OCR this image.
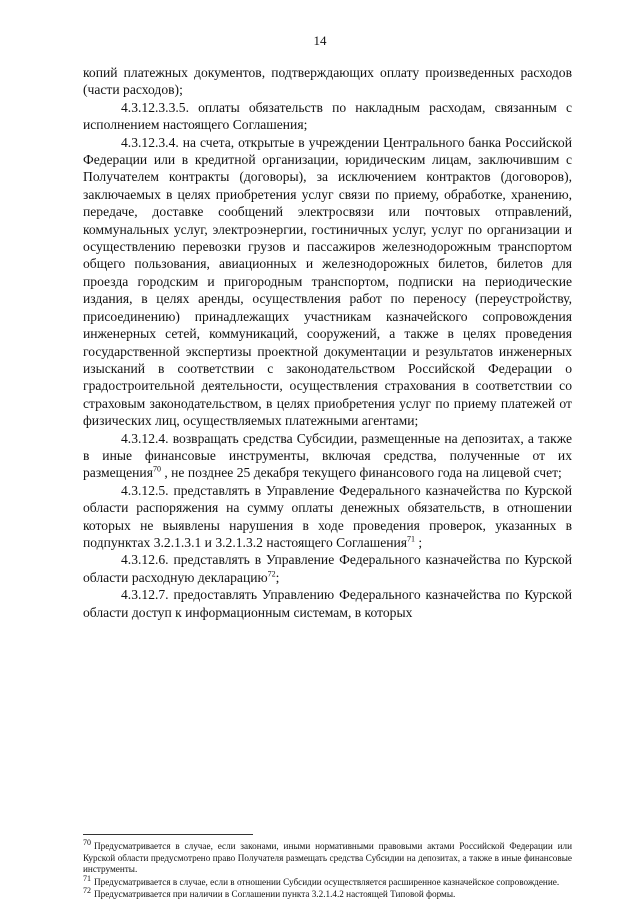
14

копий платежных документов, подтверждающих оплату произведенных расходов (части расходов);

4.3.12.3.3.5. оплаты обязательств по накладным расходам, связанным с исполнением настоящего Соглашения;

4.3.12.3.4. на счета, открытые в учреждении Центрального банка Российской Федерации или в кредитной организации, юридическим лицам, заключившим с Получателем контракты (договоры), за исключением контрактов (договоров), заключаемых в целях приобретения услуг связи по приему, обработке, хранению, передаче, доставке сообщений электросвязи или почтовых отправлений, коммунальных услуг, электроэнергии, гостиничных услуг, услуг по организации и осуществлению перевозки грузов и пассажиров железнодорожным транспортом общего пользования, авиационных и железнодорожных билетов, билетов для проезда городским и пригородным транспортом, подписки на периодические издания, в целях аренды, осуществления работ по переносу (переустройству, присоединению) принадлежащих участникам казначейского сопровождения инженерных сетей, коммуникаций, сооружений, а также в целях проведения государственной экспертизы проектной документации и результатов инженерных изысканий в соответствии с законодательством Российской Федерации о градостроительной деятельности, осуществления страхования в соответствии со страховым законодательством, в целях приобретения услуг по приему платежей от физических лиц, осуществляемых платежными агентами;

4.3.12.4. возвращать средства Субсидии, размещенные на депозитах, а также в иные финансовые инструменты, включая средства, полученные от их размещения$^{70}$ , не позднее 25 декабря текущего финансового года на лицевой счет;

4.3.12.5. представлять в Управление Федерального казначейства по Курской области распоряжения на сумму оплаты денежных обязательств, в отношении которых не выявлены нарушения в ходе проведения проверок, указанных в подпунктах 3.2.1.3.1 и 3.2.1.3.2 настоящего Соглашения$^{71}$ ;

4.3.12.6. представлять в Управление Федерального казначейства по Курской области расходную декларацию$^{72}$;

4.3.12.7. предоставлять Управлению Федерального казначейства по Курской области доступ к информационным системам, в которых

70 Предусматривается в случае, если законами, иными нормативными правовыми актами Российской Федерации или Курской области предусмотрено право Получателя размещать средства Субсидии на депозитах, а также в иные финансовые инструменты.

71 Предусматривается в случае, если в отношении Субсидии осуществляется расширенное казначейское сопровождение.

72 Предусматривается при наличии в Соглашении пункта 3.2.1.4.2 настоящей Типовой формы.
